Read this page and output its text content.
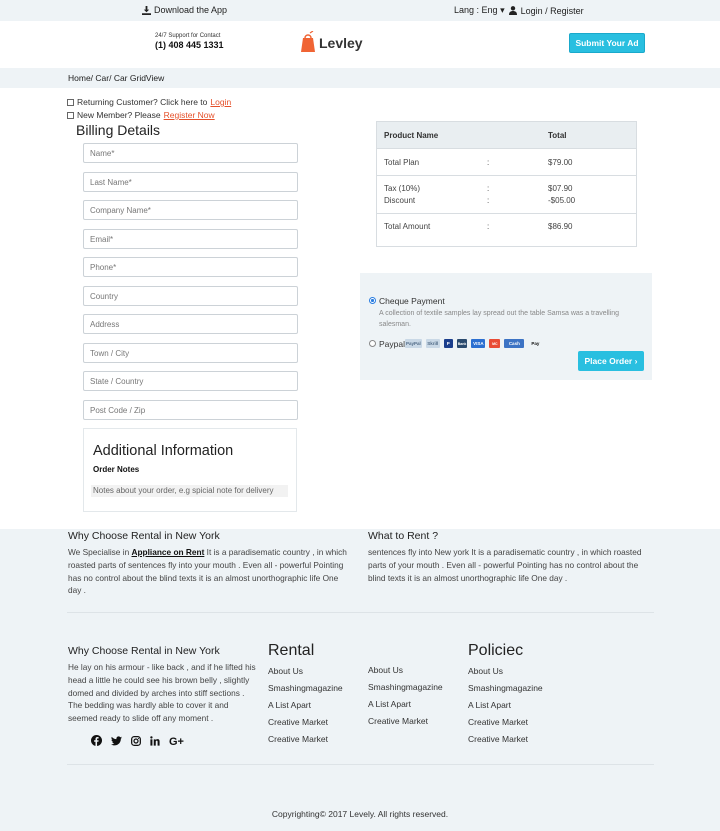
Download the App	Lang : Eng ▾ Login / Register
24/7 Support for Contact
(1) 408 445 1331	Levley	Submit Your Ad
Home/ Car/ Car GridView
Returning Customer? Click here to Login
New Member? Please Register Now
Billing Details
Name*
Last Name*
Company Name*
Email*
Phone*
Country
Address
Town / City
State / Country
Post Code / Zip
Additional Information
Order Notes
Notes about your order, e.g spicial note for delivery
Product Name	Total
Total Plan	:	$79.00
Tax (10%)	:	$07.90
Discount	:	-$05.00
Total Amount	:	$86.90
Cheque Payment
A collection of textile samples lay spread out the table Samsa was a travelling salesman.
Paypal PayPal	Skrill	P	Bank	VISA	MC	Cash	Pay
Place Order
›
Why Choose Rental in New York
We Specialise in Appliance on Rent It is a paradisematic country , in which roasted parts of sentences fly into your mouth . Even all - powerful Pointing has no control about the blind texts it is an almost unorthographic life One day .
What to Rent ?
sentences fly into New york It is a paradisematic country , in which roasted parts of your mouth . Even all - powerful Pointing has no control about the blind texts it is an almost unorthographic life One day .
Why Choose Rental in New York
He lay on his armour - like back , and if he lifted his head a little he could see his brown belly , slightly domed and divided by arches into stiff sections . The bedding was hardly able to cover it and seemed ready to slide off any moment .
G+
Rental
About Us
Smashingmagazine
A List Apart
Creative Market
Creative Market
About Us
Smashingmagazine
A List Apart
Creative Market
Policiec
About Us
Smashingmagazine
A List Apart
Creative Market
Creative Market
Copyrighting© 2017 Levely. All rights reserved.
